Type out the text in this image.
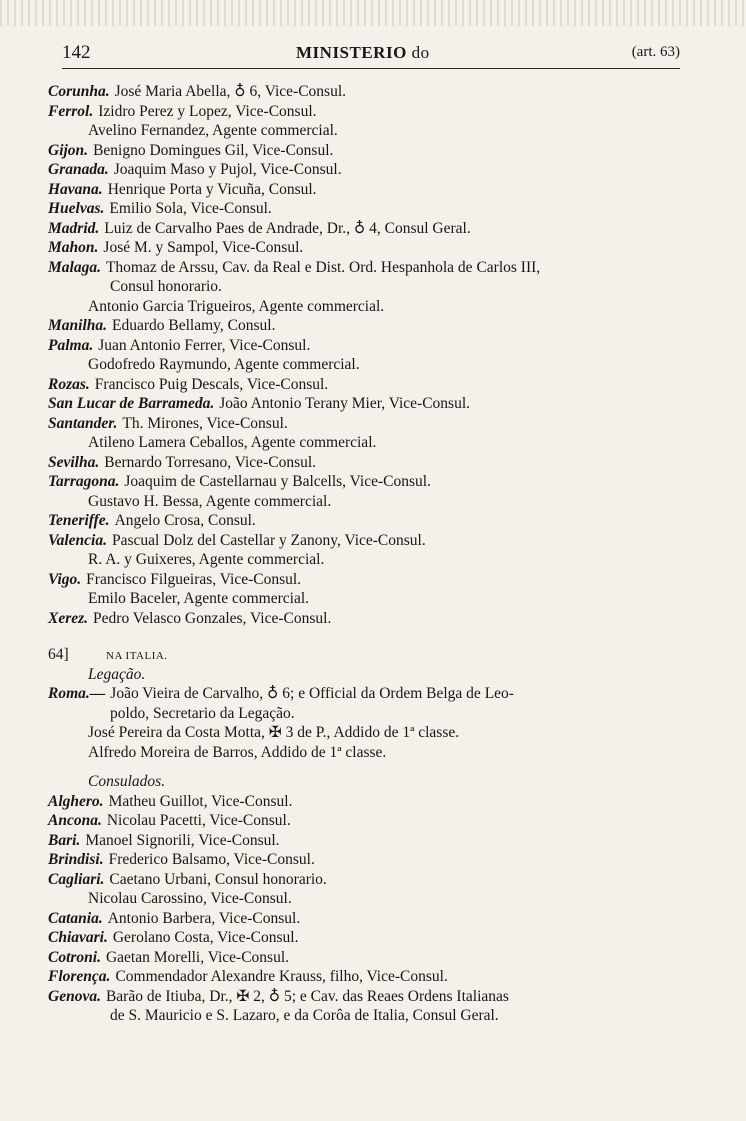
142	MINISTERIO do	(art. 63)
Corunha. José Maria Abella, ♁ 6, Vice-Consul.
Ferrol. Izidro Perez y Lopez, Vice-Consul.
Avelino Fernandez, Agente commercial.
Gijon. Benigno Domingues Gil, Vice-Consul.
Granada. Joaquim Maso y Pujol, Vice-Consul.
Havana. Henrique Porta y Vicuña, Consul.
Huelvas. Emilio Sola, Vice-Consul.
Madrid. Luiz de Carvalho Paes de Andrade, Dr., ♁ 4, Consul Geral.
Mahon. José M. y Sampol, Vice-Consul.
Malaga. Thomaz de Arssu, Cav. da Real e Dist. Ord. Hespanhola de Carlos III,
Consul honorario.
Antonio Garcia Trigueiros, Agente commercial.
Manilha. Eduardo Bellamy, Consul.
Palma. Juan Antonio Ferrer, Vice-Consul.
Godofredo Raymundo, Agente commercial.
Rozas. Francisco Puig Descals, Vice-Consul.
San Lucar de Barrameda. João Antonio Terany Mier, Vice-Consul.
Santander. Th. Mirones, Vice-Consul.
Atileno Lamera Ceballos, Agente commercial.
Sevilha. Bernardo Torresano, Vice-Consul.
Tarragona. Joaquim de Castellarnau y Balcells, Vice-Consul.
Gustavo H. Bessa, Agente commercial.
Teneriffe. Angelo Crosa, Consul.
Valencia. Pascual Dolz del Castellar y Zanony, Vice-Consul.
R. A. y Guixeres, Agente commercial.
Vigo. Francisco Filgueiras, Vice-Consul.
Emilo Baceler, Agente commercial.
Xerez. Pedro Velasco Gonzales, Vice-Consul.
64]	NA ITALIA.
Legação.
Roma.— João Vieira de Carvalho, ♁ 6; e Official da Ordem Belga de Leo-
poldo, Secretario da Legação.
José Pereira da Costa Motta, ✠ 3 de P., Addido de 1ª classe.
Alfredo Moreira de Barros, Addido de 1ª classe.
Consulados.
Alghero. Matheu Guillot, Vice-Consul.
Ancona. Nicolau Pacetti, Vice-Consul.
Bari. Manoel Signorili, Vice-Consul.
Brindisi. Frederico Balsamo, Vice-Consul.
Cagliari. Caetano Urbani, Consul honorario.
Nicolau Carossino, Vice-Consul.
Catania. Antonio Barbera, Vice-Consul.
Chiavari. Gerolano Costa, Vice-Consul.
Cotroni. Gaetan Morelli, Vice-Consul.
Florença. Commendador Alexandre Krauss, filho, Vice-Consul.
Genova. Barão de Itiuba, Dr., ✠ 2, ♁ 5; e Cav. das Reaes Ordens Italianas
de S. Mauricio e S. Lazaro, e da Corôa de Italia, Consul Geral.
